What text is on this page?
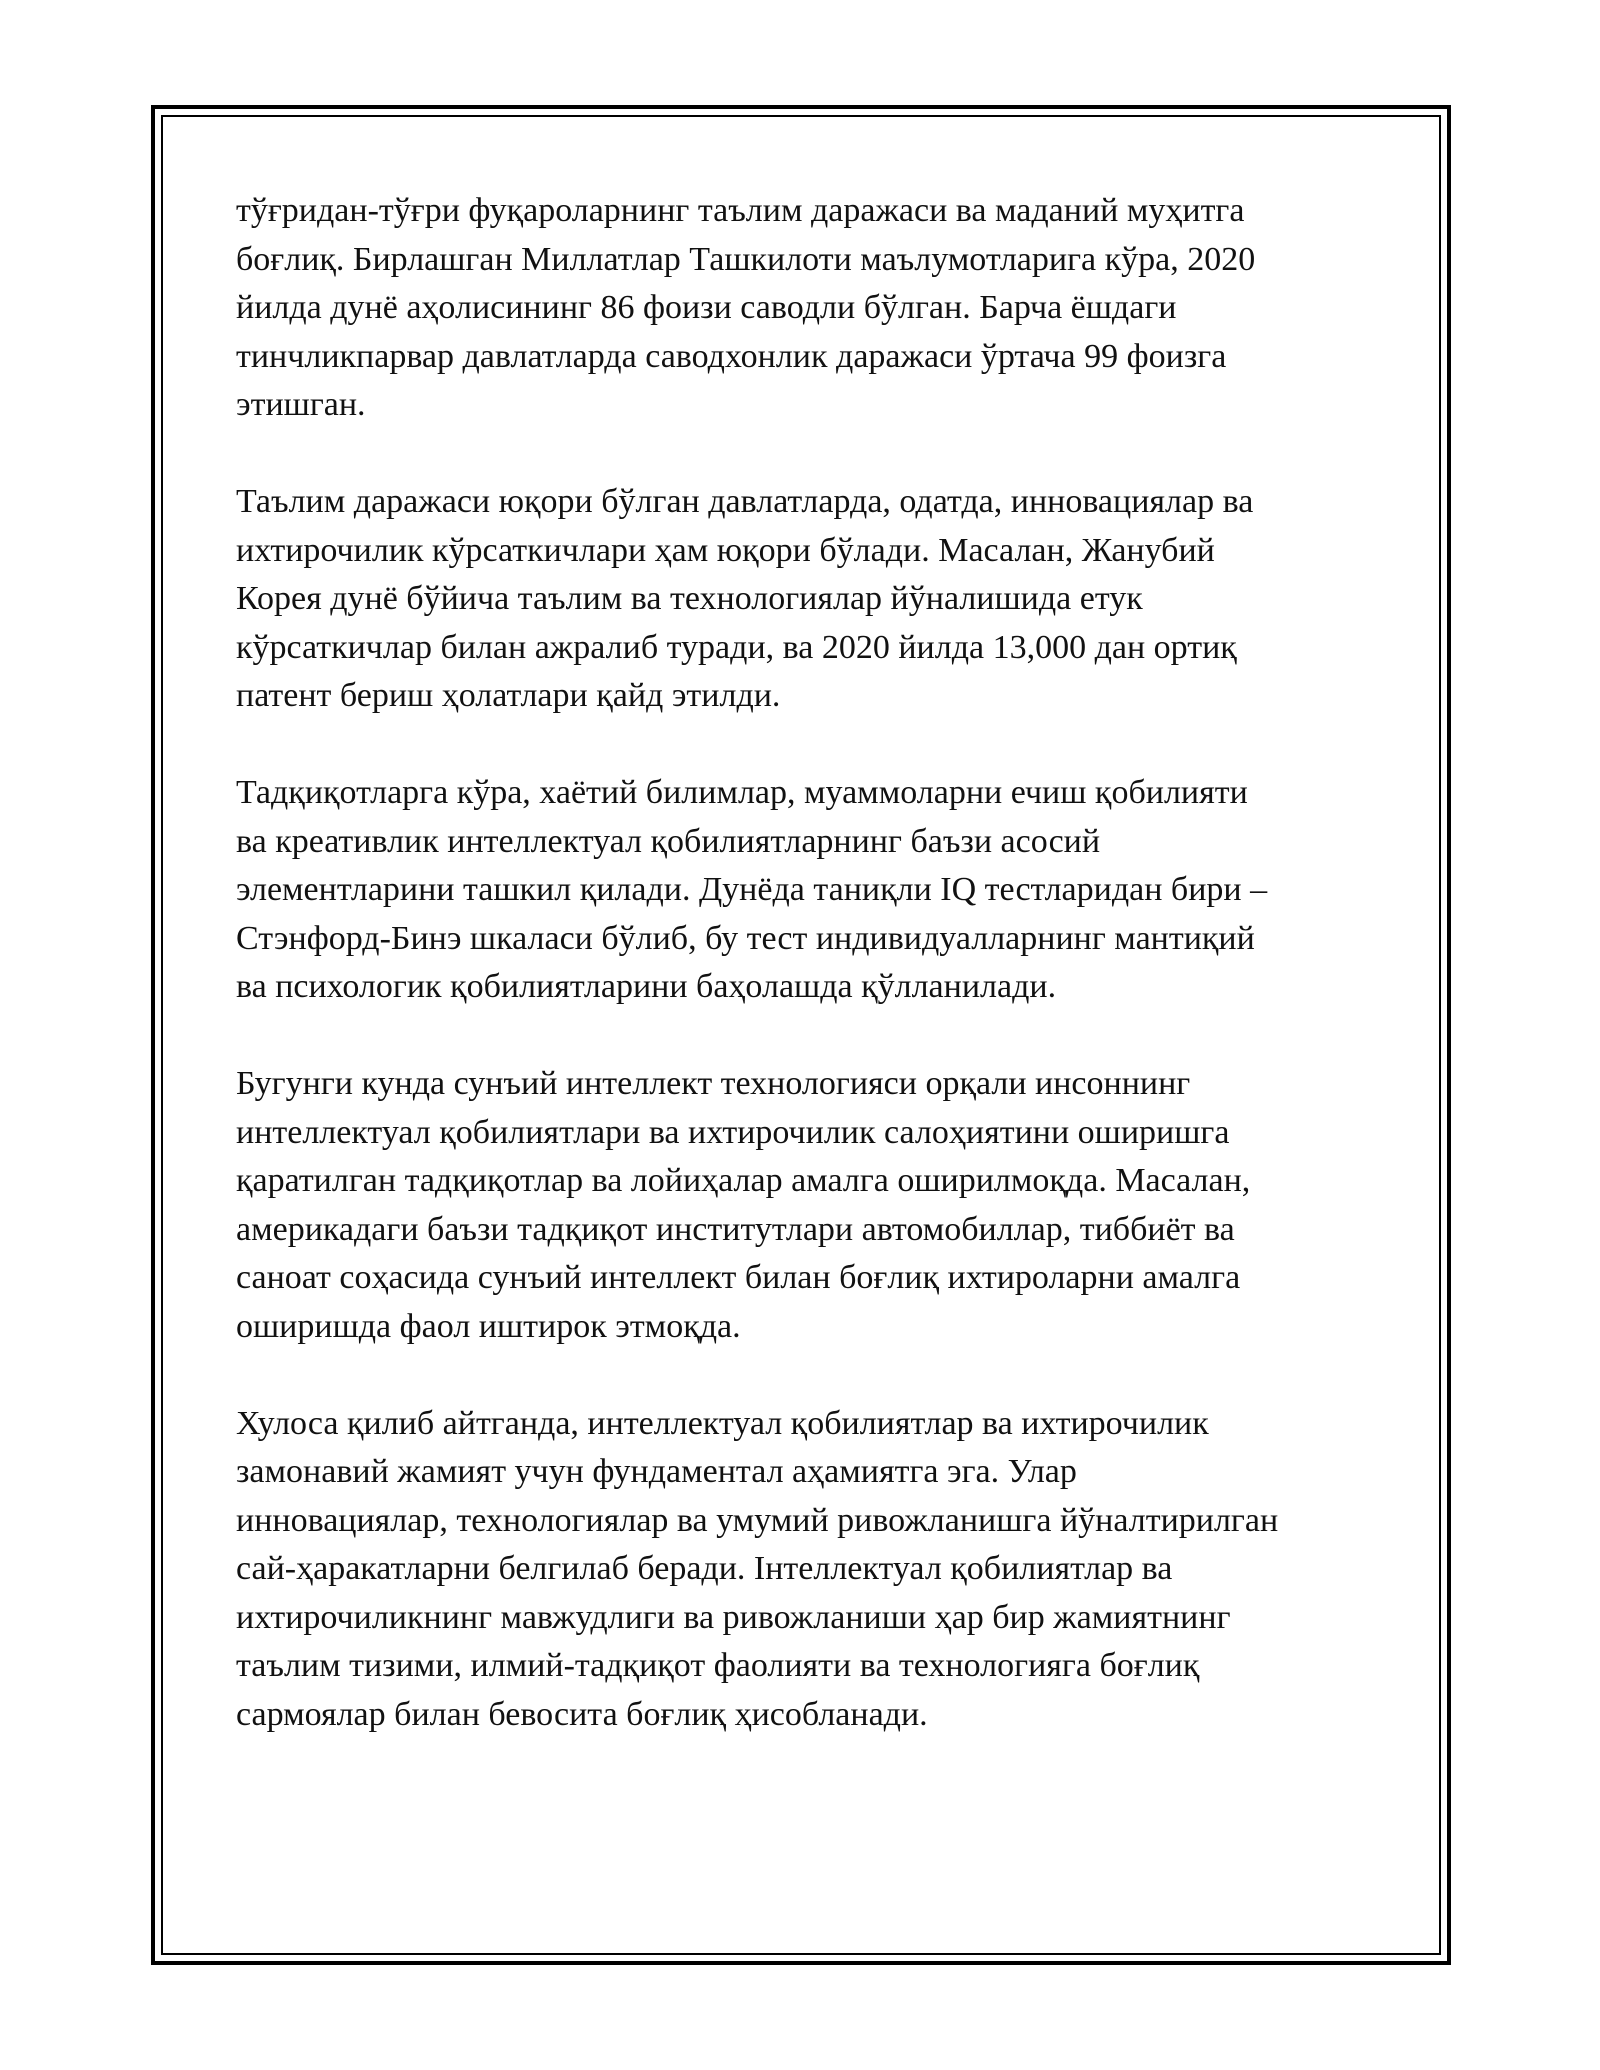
тўғридан-тўғри фуқароларнинг таълим даражаси ва маданий муҳитга
боғлиқ. Бирлашган Миллатлар Ташкилоти маълумотларига кўра, 2020
йилда дунё аҳолисининг 86 фоизи саводли бўлган. Барча ёшдаги
тинчликпарвар давлатларда саводхонлик даражаси ўртача 99 фоизга
этишган.

Таълим даражаси юқори бўлган давлатларда, одатда, инновациялар ва
ихтирочилик кўрсаткичлари ҳам юқори бўлади. Масалан, Жанубий
Корея дунё бўйича таълим ва технологиялар йўналишида етук
кўрсаткичлар билан ажралиб туради, ва 2020 йилда 13,000 дан ортиқ
патент бериш ҳолатлари қайд этилди.

Тадқиқотларга кўра, хаётий билимлар, муаммоларни ечиш қобилияти
ва креативлик интеллектуал қобилиятларнинг баъзи асосий
элементларини ташкил қилади. Дунёда таниқли IQ тестларидан бири –
Стэнфорд-Бинэ шкаласи бўлиб, бу тест индивидуалларнинг мантиқий
ва психологик қобилиятларини баҳолашда қўлланилади.

Бугунги кунда сунъий интеллект технологияси орқали инсоннинг
интеллектуал қобилиятлари ва ихтирочилик салоҳиятини оширишга
қаратилган тадқиқотлар ва лойиҳалар амалга оширилмоқда. Масалан,
америкадаги баъзи тадқиқот институтлари автомобиллар, тиббиёт ва
саноат соҳасида сунъий интеллект билан боғлиқ ихтироларни амалга
оширишда фаол иштирок этмоқда.

Хулоса қилиб айтганда, интеллектуал қобилиятлар ва ихтирочилик
замонавий жамият учун фундаментал аҳамиятга эга. Улар
инновациялар, технологиялар ва умумий ривожланишга йўналтирилган
сай-ҳаракатларни белгилаб беради. Інтеллектуал қобилиятлар ва
ихтирочиликнинг мавжудлиги ва ривожланиши ҳар бир жамиятнинг
таълим тизими, илмий-тадқиқот фаолияти ва технологияга боғлиқ
сармоялар билан бевосита боғлиқ ҳисобланади.
